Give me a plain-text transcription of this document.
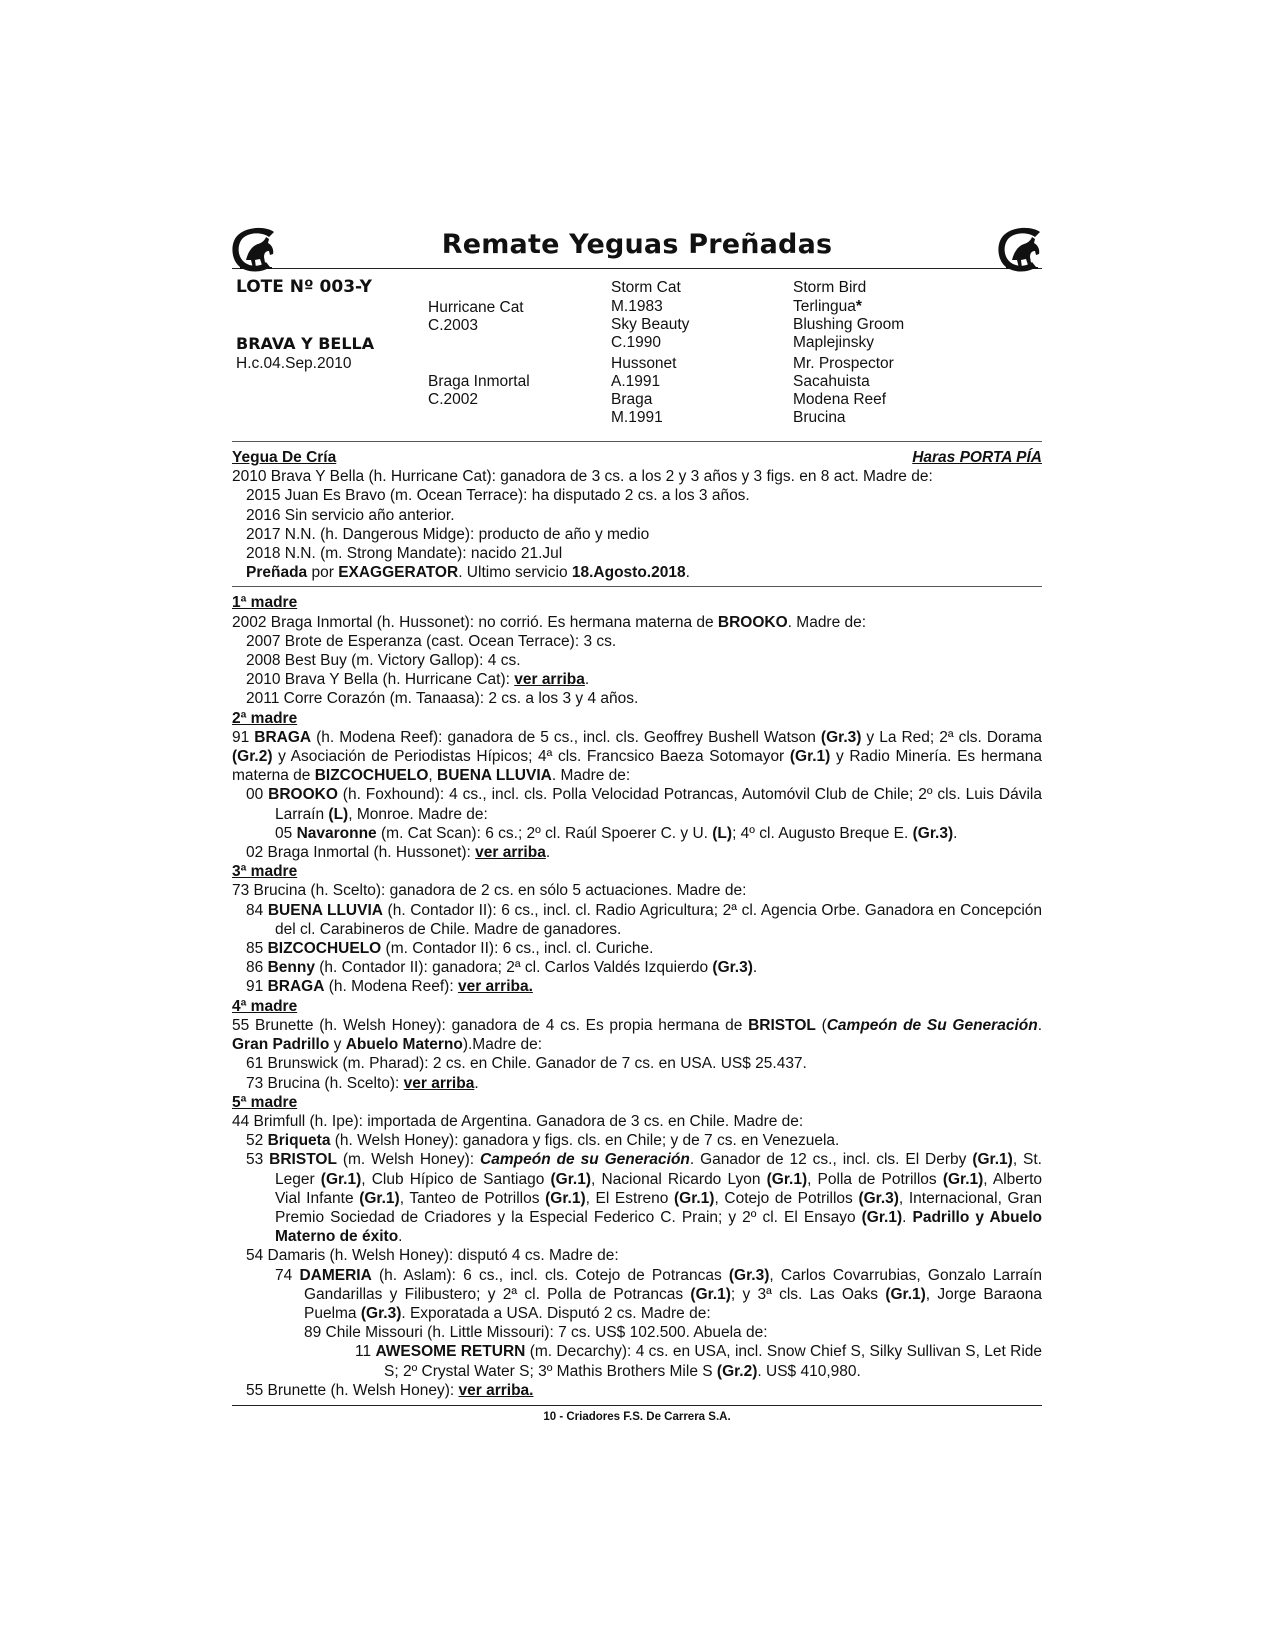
Remate Yeguas Preñadas
LOTE Nº 003-Y
BRAVA Y BELLA
H.c.04.Sep.2010
Hurricane Cat
C.2003
Braga Inmortal
C.2002
Storm Cat
M.1983
Sky Beauty
C.1990
Hussonet
A.1991
Braga
M.1991
Storm Bird
Terlingua*
Blushing Groom
Maplejinsky
Mr. Prospector
Sacahuista
Modena Reef
Brucina
Yegua De Cría	Haras PORTA PÍA
2010 Brava Y Bella (h. Hurricane Cat): ganadora de 3 cs. a los 2 y 3 años y 3 figs. en 8 act. Madre de:
2015 Juan Es Bravo (m. Ocean Terrace): ha disputado 2 cs. a los 3 años.
2016 Sin servicio año anterior.
2017 N.N. (h. Dangerous Midge): producto de año y medio
2018 N.N. (m. Strong Mandate): nacido 21.Jul
Preñada por EXAGGERATOR. Ultimo servicio 18.Agosto.2018.
1ª madre
2002 Braga Inmortal (h. Hussonet): no corrió. Es hermana materna de BROOKO. Madre de:
2007 Brote de Esperanza (cast. Ocean Terrace): 3 cs.
2008 Best Buy (m. Victory Gallop): 4 cs.
2010 Brava Y Bella (h. Hurricane Cat): ver arriba.
2011 Corre Corazón (m. Tanaasa): 2 cs. a los 3 y 4 años.
2ª madre
91 BRAGA (h. Modena Reef): ganadora de 5 cs., incl. cls. Geoffrey Bushell Watson (Gr.3) y La Red; 2ª cls. Dorama (Gr.2) y Asociación de Periodistas Hípicos; 4ª cls. Francsico Baeza Sotomayor (Gr.1) y Radio Minería. Es hermana materna de BIZCOCHUELO, BUENA LLUVIA. Madre de:
00 BROOKO (h. Foxhound): 4 cs., incl. cls. Polla Velocidad Potrancas, Automóvil Club de Chile; 2º cls. Luis Dávila Larraín (L), Monroe. Madre de:
05 Navaronne (m. Cat Scan): 6 cs.; 2º cl. Raúl Spoerer C. y U. (L); 4º cl. Augusto Breque E. (Gr.3).
02 Braga Inmortal (h. Hussonet): ver arriba.
3ª madre
73 Brucina (h. Scelto): ganadora de 2 cs. en sólo 5 actuaciones. Madre de:
84 BUENA LLUVIA (h. Contador II): 6 cs., incl. cl. Radio Agricultura; 2ª cl. Agencia Orbe. Ganadora en Concepción del cl. Carabineros de Chile. Madre de ganadores.
85 BIZCOCHUELO (m. Contador II): 6 cs., incl. cl. Curiche.
86 Benny (h. Contador II): ganadora; 2ª cl. Carlos Valdés Izquierdo (Gr.3).
91 BRAGA (h. Modena Reef): ver arriba.
4ª madre
55 Brunette (h. Welsh Honey): ganadora de 4 cs. Es propia hermana de BRISTOL (Campeón de Su Generación. Gran Padrillo y Abuelo Materno).Madre de:
61 Brunswick (m. Pharad): 2 cs. en Chile. Ganador de 7 cs. en USA. US$ 25.437.
73 Brucina (h. Scelto): ver arriba.
5ª madre
44 Brimfull (h. Ipe): importada de Argentina. Ganadora de 3 cs. en Chile. Madre de:
52 Briqueta (h. Welsh Honey): ganadora y figs. cls. en Chile; y de 7 cs. en Venezuela.
53 BRISTOL (m. Welsh Honey): Campeón de su Generación. Ganador de 12 cs., incl. cls. El Derby (Gr.1), St. Leger (Gr.1), Club Hípico de Santiago (Gr.1), Nacional Ricardo Lyon (Gr.1), Polla de Potrillos (Gr.1), Alberto Vial Infante (Gr.1), Tanteo de Potrillos (Gr.1), El Estreno (Gr.1), Cotejo de Potrillos (Gr.3), Internacional, Gran Premio Sociedad de Criadores y la Especial Federico C. Prain; y 2º cl. El Ensayo (Gr.1). Padrillo y Abuelo Materno de éxito.
54 Damaris (h. Welsh Honey): disputó 4 cs. Madre de:
74 DAMERIA (h. Aslam): 6 cs., incl. cls. Cotejo de Potrancas (Gr.3), Carlos Covarrubias, Gonzalo Larraín Gandarillas y Filibustero; y 2ª cl. Polla de Potrancas (Gr.1); y 3ª cls. Las Oaks (Gr.1), Jorge Baraona Puelma (Gr.3). Exporatada a USA. Disputó 2 cs. Madre de:
89 Chile Missouri (h. Little Missouri): 7 cs. US$ 102.500. Abuela de:
11 AWESOME RETURN (m. Decarchy): 4 cs. en USA, incl. Snow Chief S, Silky Sullivan S, Let Ride S; 2º Crystal Water S; 3º Mathis Brothers Mile S (Gr.2). US$ 410,980.
55 Brunette (h. Welsh Honey): ver arriba.
10 - Criadores F.S. De Carrera S.A.
